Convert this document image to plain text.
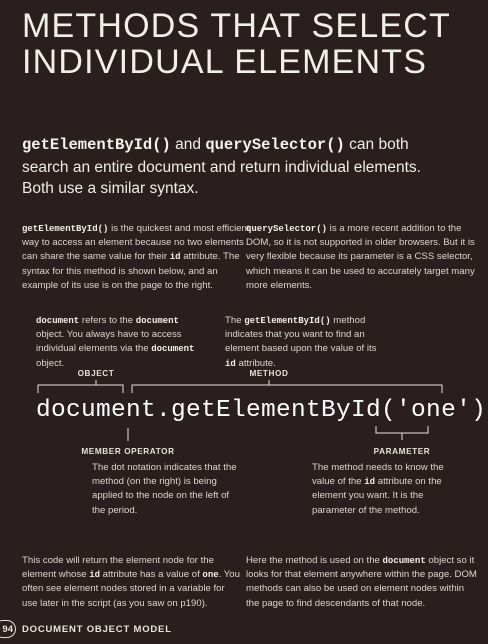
METHODS THAT SELECT
INDIVIDUAL ELEMENTS
getElementById() and querySelector() can both search an entire document and return individual elements. Both use a similar syntax.
getElementById() is the quickest and most efficient way to access an element because no two elements can share the same value for their id attribute. The syntax for this method is shown below, and an example of its use is on the page to the right.
querySelector() is a more recent addition to the DOM, so it is not supported in older browsers. But it is very flexible because its parameter is a CSS selector, which means it can be used to accurately target many more elements.
document refers to the document object. You always have to access individual elements via the document object.
The getElementById() method indicates that you want to find an element based upon the value of its id attribute.
OBJECT	METHOD
document.getElementById('one')
MEMBER OPERATOR	PARAMETER
The dot notation indicates that the method (on the right) is being applied to the node on the left of the period.
The method needs to know the value of the id attribute on the element you want. It is the parameter of the method.
This code will return the element node for the element whose id attribute has a value of one. You often see element nodes stored in a variable for use later in the script (as you saw on p190).
Here the method is used on the document object so it looks for that element anywhere within the page. DOM methods can also be used on element nodes within the page to find descendants of that node.
94 DOCUMENT OBJECT MODEL
